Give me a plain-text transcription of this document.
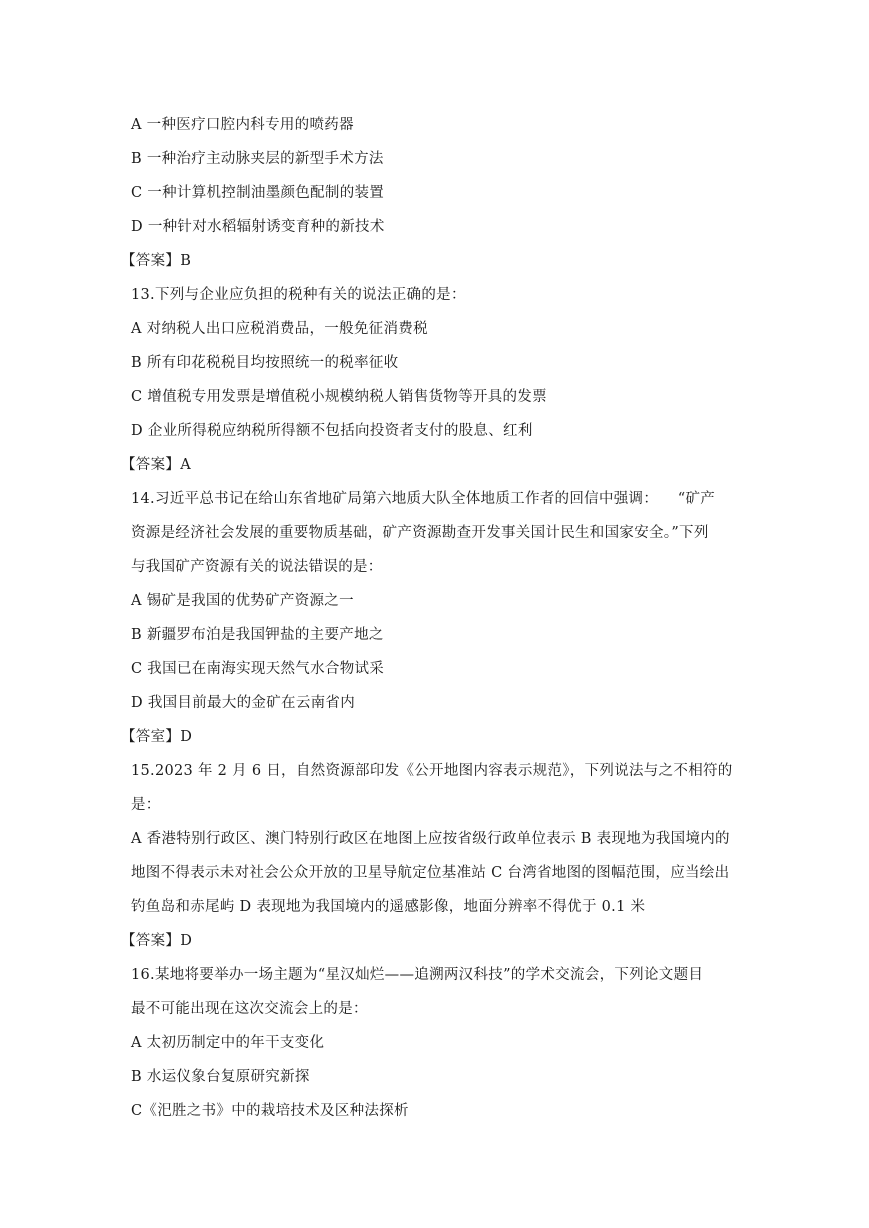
A 一种医疗口腔内科专用的喷药器
B 一种治疗主动脉夹层的新型手术方法
C 一种计算机控制油墨颜色配制的装置
D 一种针对水稻辐射诱变育种的新技术
【答案】B
13.下列与企业应负担的税种有关的说法正确的是：
A 对纳税人出口应税消费品，一般免征消费税
B 所有印花税税目均按照统一的税率征收
C 增值税专用发票是增值税小规模纳税人销售货物等开具的发票
D 企业所得税应纳税所得额不包括向投资者支付的股息、红利
【答案】A
14.习近平总书记在给山东省地矿局第六地质大队全体地质工作者的回信中强调：    “矿产
资源是经济社会发展的重要物质基础，矿产资源勘查开发事关国计民生和国家安全。”下列
与我国矿产资源有关的说法错误的是：
A 锡矿是我国的优势矿产资源之一
B 新疆罗布泊是我国钾盐的主要产地之
C 我国已在南海实现天然气水合物试采
D 我国目前最大的金矿在云南省内
【答室】D
15.2023 年 2 月 6 日，自然资源部印发《公开地图内容表示规范》，下列说法与之不相符的
是：
A 香港特别行政区、澳门特别行政区在地图上应按省级行政单位表示 B 表现地为我国境内的
地图不得表示未对社会公众开放的卫星导航定位基准站 C 台湾省地图的图幅范围，应当绘出
钓鱼岛和赤尾屿 D 表现地为我国境内的遥感影像，地面分辨率不得优于 0.1 米
【答案】D
16.某地将要举办一场主题为“星汉灿烂——追溯两汉科技”的学术交流会，下列论文题目
最不可能出现在这次交流会上的是：
A 太初历制定中的年干支变化
B 水运仪象台复原研究新探
C《汜胜之书》中的栽培技术及区种法探析
